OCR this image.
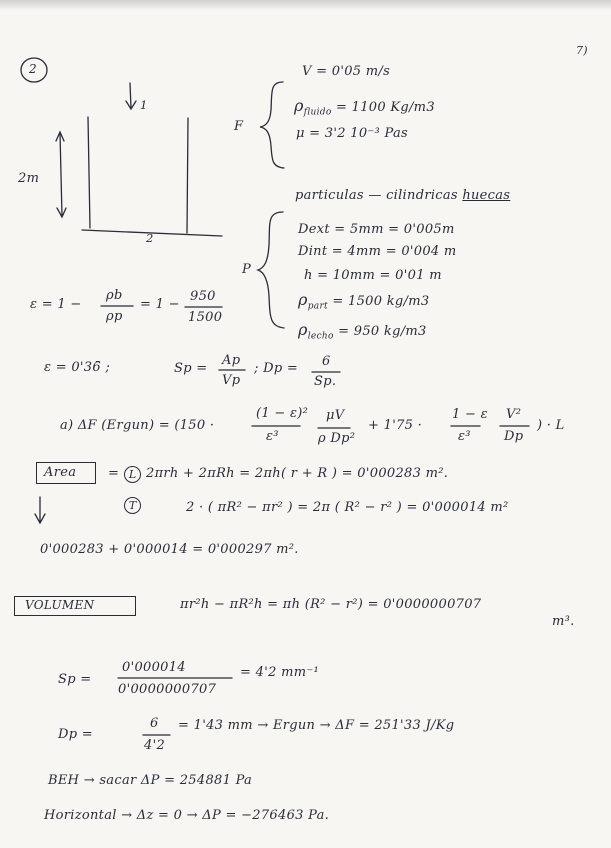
2
7)
1
2
2m
F
V = 0'05 m/s
$\rho_{fluido} = 1100$ Kg/m3
μ = 3'2 10⁻³ Pas
P
particulas — cilindricas huecas
Dext = 5mm = 0'005m
Dint = 4mm = 0'004 m
h = 10mm = 0'01 m
$\rho_{part} = 1500$ kg/m3
$\rho_{lecho} = 950$ kg/m3
ε = 1 −
ρb
ρp
= 1 −
950
1500
ε = 0'36̄ ;	Sp =
Ap
Vp
; Dp = 6
Sp.
a) ΔF (Ergun) = (150 ·
(1 − ε)²
ε³
μV
ρ Dp²
+ 1'75 ·
1 − ε
ε³
V²
Dp
) · L
Area = L 2πrh + 2πRh = 2πh( r + R ) = 0'000283 m².
T	2 · ( πR² − πr² ) = 2π ( R² − r² ) = 0'000014 m²
0'000283 + 0'000014 = 0'000297 m².
VOLUMEN	πr²h − πR²h = πh (R² − r²) = 0'0000000707
m³.
Sp =
0'000014
0'0000000707
= 4'2 mm⁻¹
Dp =
6
4'2
= 1'43 mm → Ergun → ΔF = 251'33 J/Kg
BEH → sacar ΔP = 254881 Pa
Horizontal → Δz = 0 → ΔP = −276463 Pa.
